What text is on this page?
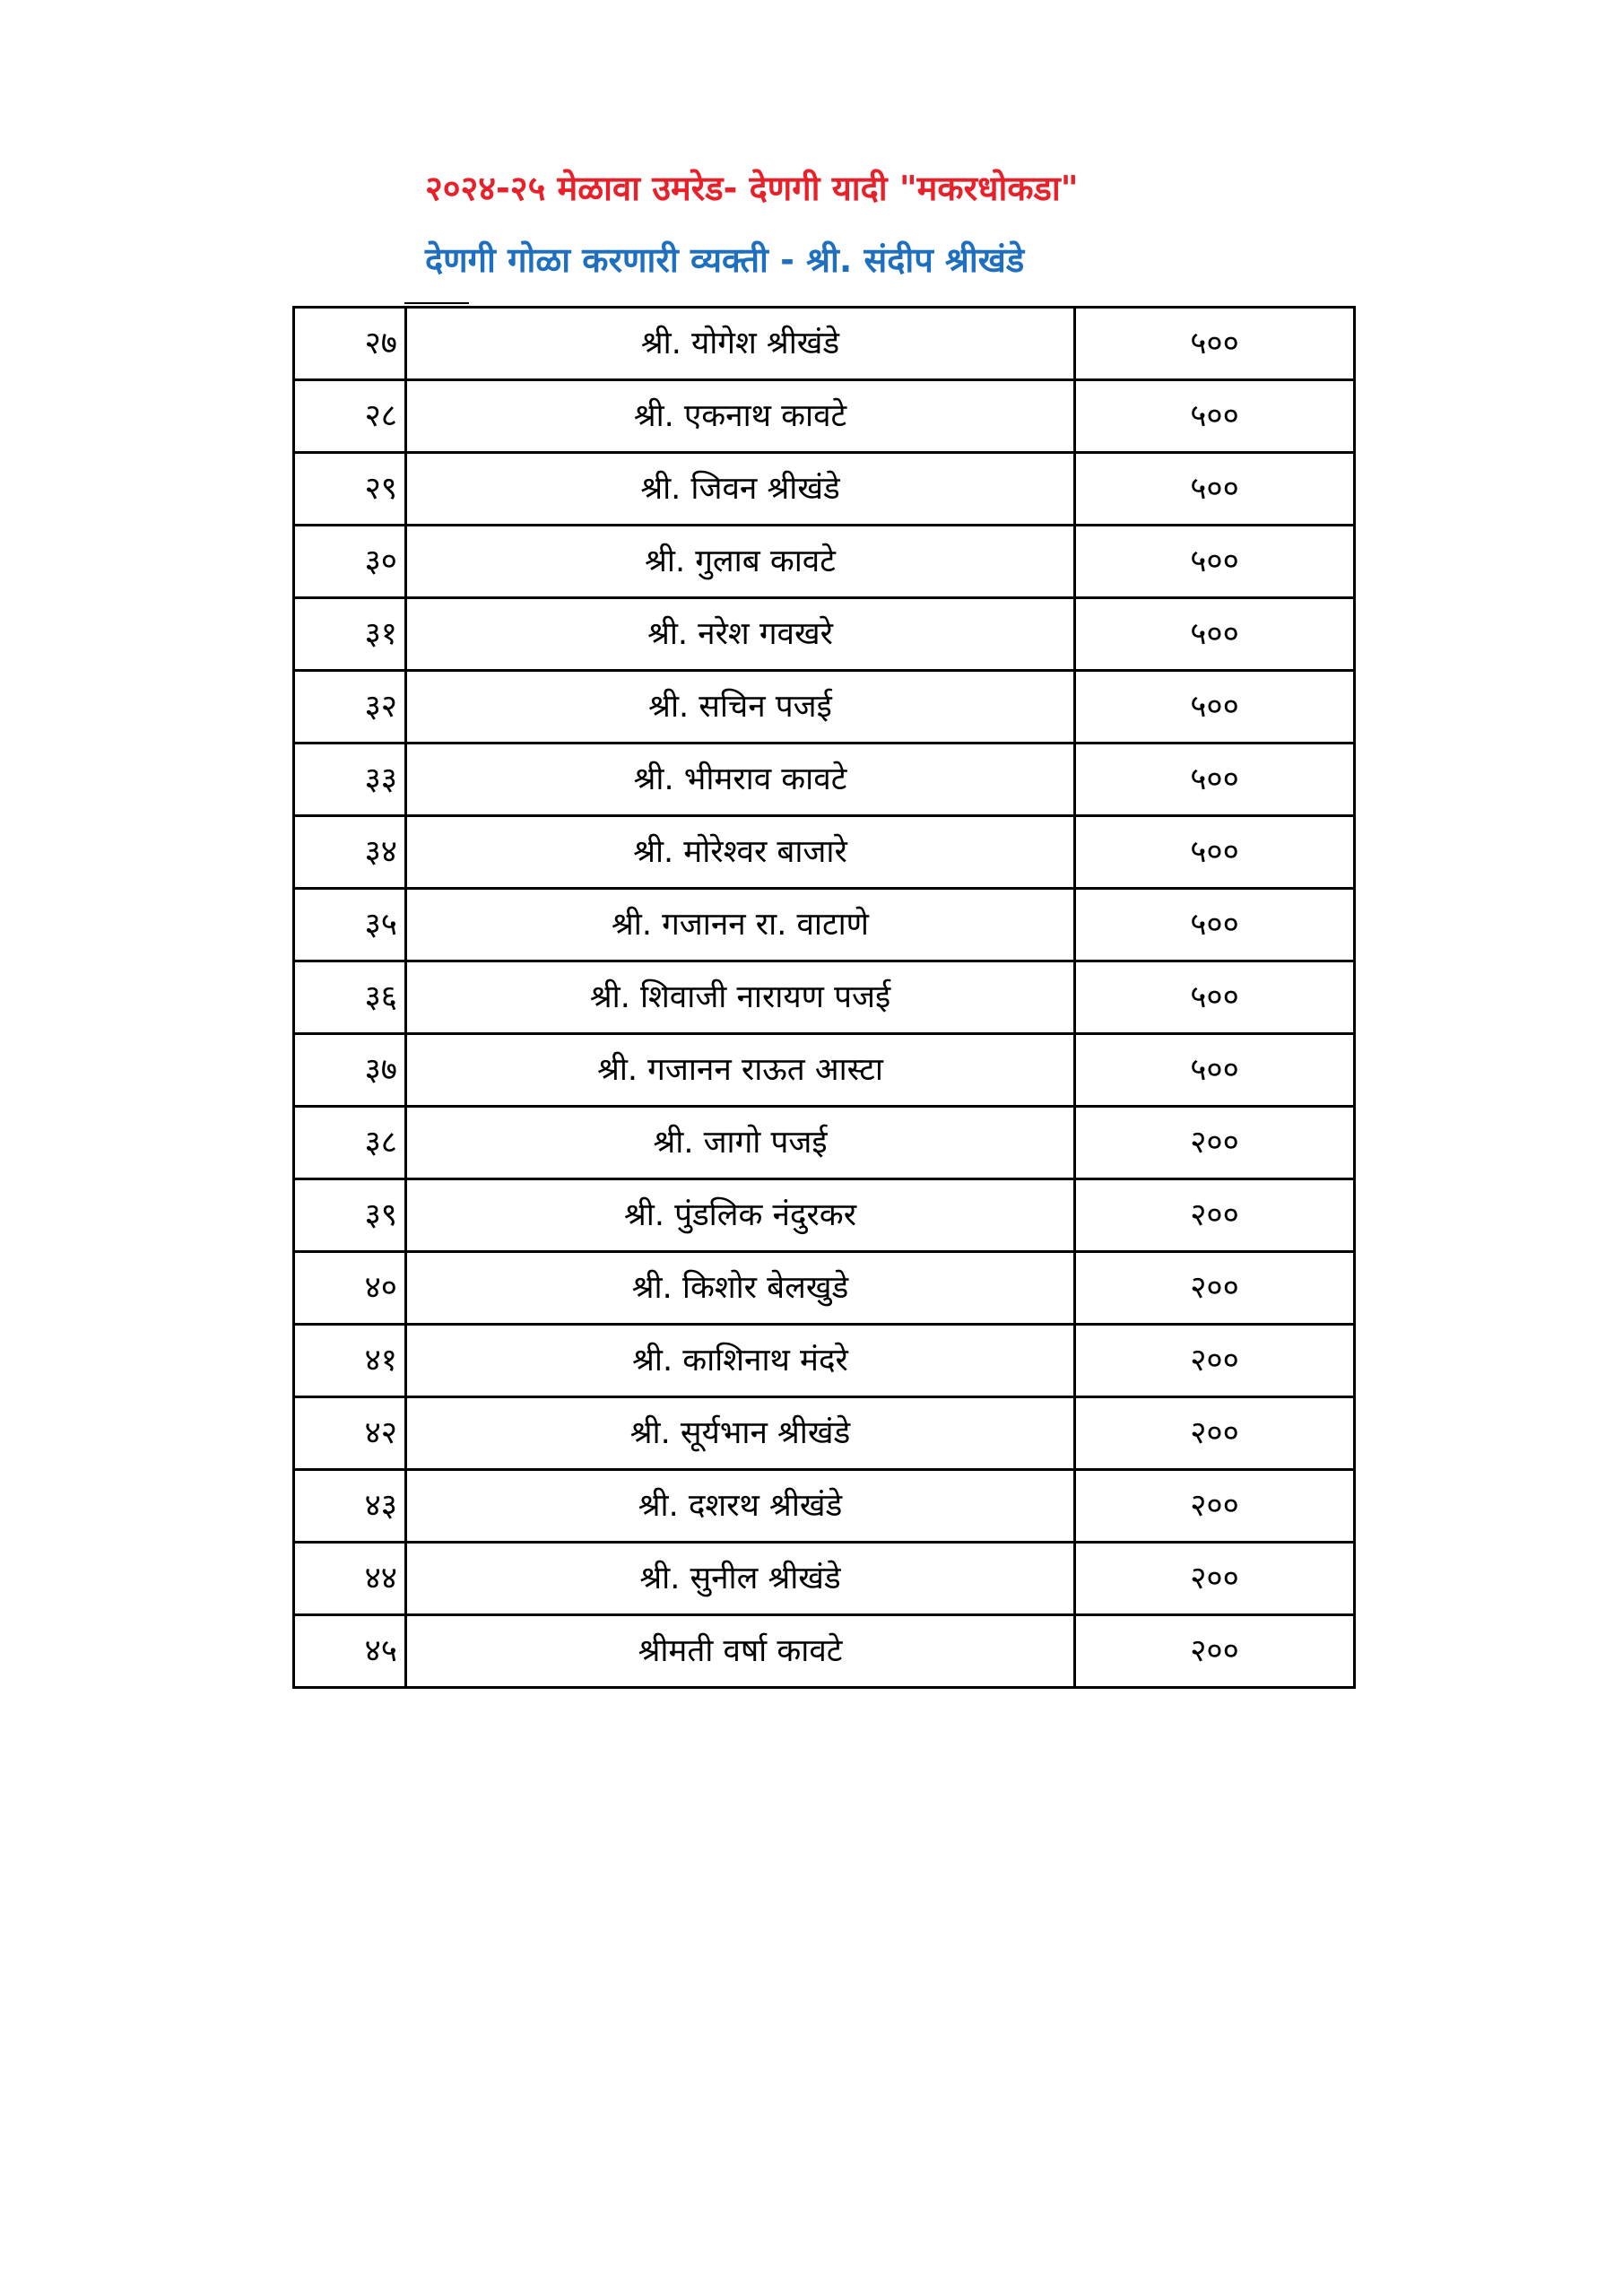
२०२४-२५ मेळावा उमरेड- देणगी यादी "मकरधोकडा"
देणगी गोळा करणारी व्यक्ती - श्री. संदीप श्रीखंडे
२७	श्री. योगेश श्रीखंडे	५००
२८	श्री. एकनाथ कावटे	५००
२९	श्री. जिवन श्रीखंडे	५००
३०	श्री. गुलाब कावटे	५००
३१	श्री. नरेश गवखरे	५००
३२	श्री. सचिन पजई	५००
३३	श्री. भीमराव कावटे	५००
३४	श्री. मोरेश्वर बाजारे	५००
३५	श्री. गजानन रा. वाटाणे	५००
३६	श्री. शिवाजी नारायण पजई	५००
३७	श्री. गजानन राऊत आस्टा	५००
३८	श्री. जागो पजई	२००
३९	श्री. पुंडलिक नंदुरकर	२००
४०	श्री. किशोर बेलखुडे	२००
४१	श्री. काशिनाथ मंदरे	२००
४२	श्री. सूर्यभान श्रीखंडे	२००
४३	श्री. दशरथ श्रीखंडे	२००
४४	श्री. सुनील श्रीखंडे	२००
४५	श्रीमती वर्षा कावटे	२००
